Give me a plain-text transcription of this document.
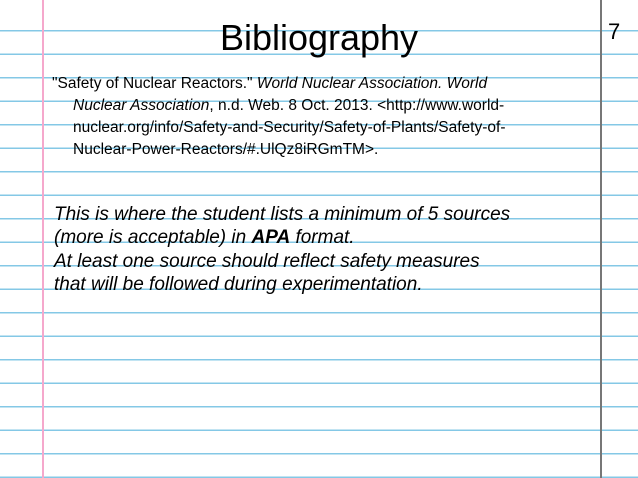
Bibliography	7
"Safety of Nuclear Reactors." World Nuclear Association. World
Nuclear Association, n.d. Web. 8 Oct. 2013. <http://www.world-
nuclear.org/info/Safety-and-Security/Safety-of-Plants/Safety-of-
Nuclear-Power-Reactors/#.UlQz8iRGmTM>.
This is where the student lists a minimum of 5 sources
(more is acceptable) in APA format.
At least one source should reflect safety measures
that will be followed during experimentation.
